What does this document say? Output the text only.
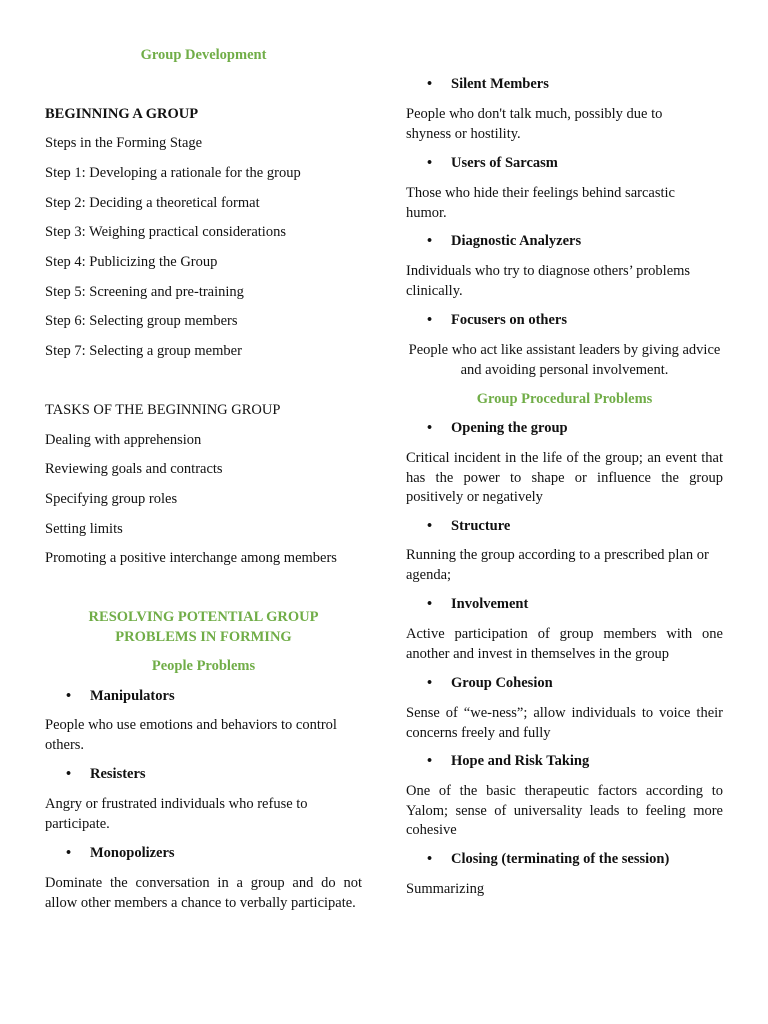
Group Development

BEGINNING A GROUP

Steps in the Forming Stage

Step 1: Developing a rationale for the group

Step 2: Deciding a theoretical format

Step 3: Weighing practical considerations

Step 4: Publicizing the Group

Step 5: Screening and pre-training

Step 6: Selecting group members

Step 7: Selecting a group member

TASKS OF THE BEGINNING GROUP

Dealing with apprehension

Reviewing goals and contracts

Specifying group roles

Setting limits

Promoting a positive interchange among members

RESOLVING POTENTIAL GROUP

PROBLEMS IN FORMING

People Problems

• Manipulators

People who use emotions and behaviors to control others.

• Resisters

Angry or frustrated individuals who refuse to participate.

• Monopolizers

Dominate the conversation in a group and do not allow other members a chance to verbally participate.

• Silent Members

People who don't talk much, possibly due to shyness or hostility.

• Users of Sarcasm

Those who hide their feelings behind sarcastic humor.

• Diagnostic Analyzers

Individuals who try to diagnose others’ problems clinically.

• Focusers on others

People who act like assistant leaders by giving advice and avoiding personal involvement.

Group Procedural Problems

• Opening the group

Critical incident in the life of the group; an event that has the power to shape or influence the group positively or negatively

• Structure

Running the group according to a prescribed plan or agenda;

• Involvement

Active participation of group members with one another and invest in themselves in the group

• Group Cohesion

Sense of “we-ness”; allow individuals to voice their concerns freely and fully

• Hope and Risk Taking

One of the basic therapeutic factors according to Yalom; sense of universality leads to feeling more cohesive

• Closing (terminating of the session)

Summarizing
